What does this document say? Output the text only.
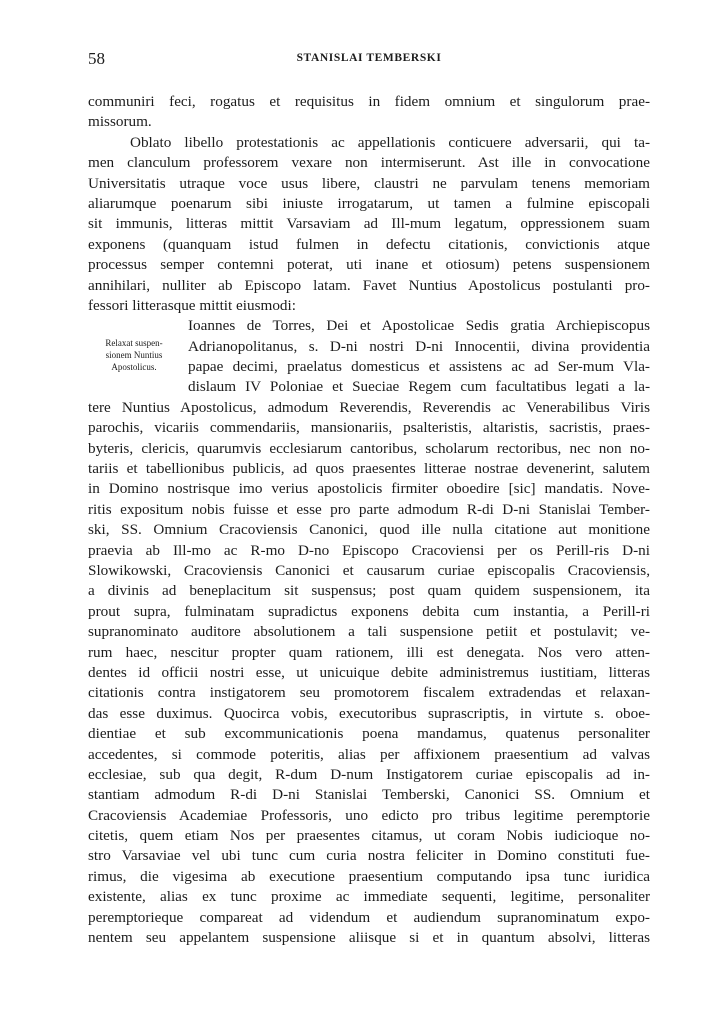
58	STANISLAI TEMBERSKI
communiri feci, rogatus et requisitus in fidem omnium et singulorum prae-
missorum.
Oblato libello protestationis ac appellationis conticuere adversarii, qui ta-
men clanculum professorem vexare non intermiserunt. Ast ille in convocatione
Universitatis utraque voce usus libere, claustri ne parvulam tenens memoriam
aliarumque poenarum sibi iniuste irrogatarum, ut tamen a fulmine episcopali
sit immunis, litteras mittit Varsaviam ad Ill-mum legatum, oppressionem suam
exponens (quanquam istud fulmen in defectu citationis, convictionis atque
processus semper contemni poterat, uti inane et otiosum) petens suspensionem
annihilari, nulliter ab Episcopo latam. Favet Nuntius Apostolicus postulanti pro-
fessori litterasque mittit eiusmodi:
Ioannes de Torres, Dei et Apostolicae Sedis gratia Archiepiscopus
Adrianopolitanus, s. D-ni nostri D-ni Innocentii, divina providentia
papae decimi, praelatus domesticus et assistens ac ad Ser-mum Vla-
dislaum IV Poloniae et Sueciae Regem cum facultatibus legati a la-
tere Nuntius Apostolicus, admodum Reverendis, Reverendis ac Venerabilibus Viris
parochis, vicariis commendariis, mansionariis, psalteristis, altaristis, sacristis, praes-
byteris, clericis, quarumvis ecclesiarum cantoribus, scholarum rectoribus, nec non no-
tariis et tabellionibus publicis, ad quos praesentes litterae nostrae devenerint, salutem
in Domino nostrisque imo verius apostolicis firmiter oboedire [sic] mandatis. Nove-
ritis expositum nobis fuisse et esse pro parte admodum R-di D-ni Stanislai Tember-
ski, SS. Omnium Cracoviensis Canonici, quod ille nulla citatione aut monitione
praevia ab Ill-mo ac R-mo D-no Episcopo Cracoviensi per os Perill-ris D-ni
Slowikowski, Cracoviensis Canonici et causarum curiae episcopalis Cracoviensis,
a divinis ad beneplacitum sit suspensus; post quam quidem suspensionem, ita
prout supra, fulminatam supradictus exponens debita cum instantia, a Perill-ri
supranominato auditore absolutionem a tali suspensione petiit et postulavit; ve-
rum haec, nescitur propter quam rationem, illi est denegata. Nos vero atten-
dentes id officii nostri esse, ut unicuique debite administremus iustitiam, litteras
citationis contra instigatorem seu promotorem fiscalem extradendas et relaxan-
das esse duximus. Quocirca vobis, executoribus suprascriptis, in virtute s. oboe-
dientiae et sub excommunicationis poena mandamus, quatenus personaliter
accedentes, si commode poteritis, alias per affixionem praesentium ad valvas
ecclesiae, sub qua degit, R-dum D-num Instigatorem curiae episcopalis ad in-
stantiam admodum R-di D-ni Stanislai Temberski, Canonici SS. Omnium et
Cracoviensis Academiae Professoris, uno edicto pro tribus legitime peremptorie
citetis, quem etiam Nos per praesentes citamus, ut coram Nobis iudicioque no-
stro Varsaviae vel ubi tunc cum curia nostra feliciter in Domino constituti fue-
rimus, die vigesima ab executione praesentium computando ipsa tunc iuridica
existente, alias ex tunc proxime ac immediate sequenti, legitime, personaliter
peremptorieque compareat ad videndum et audiendum supranominatum expo-
nentem seu appelantem suspensione aliisque si et in quantum absolvi, litteras
Relaxat suspen-
sionem Nuntius
Apostolicus.
